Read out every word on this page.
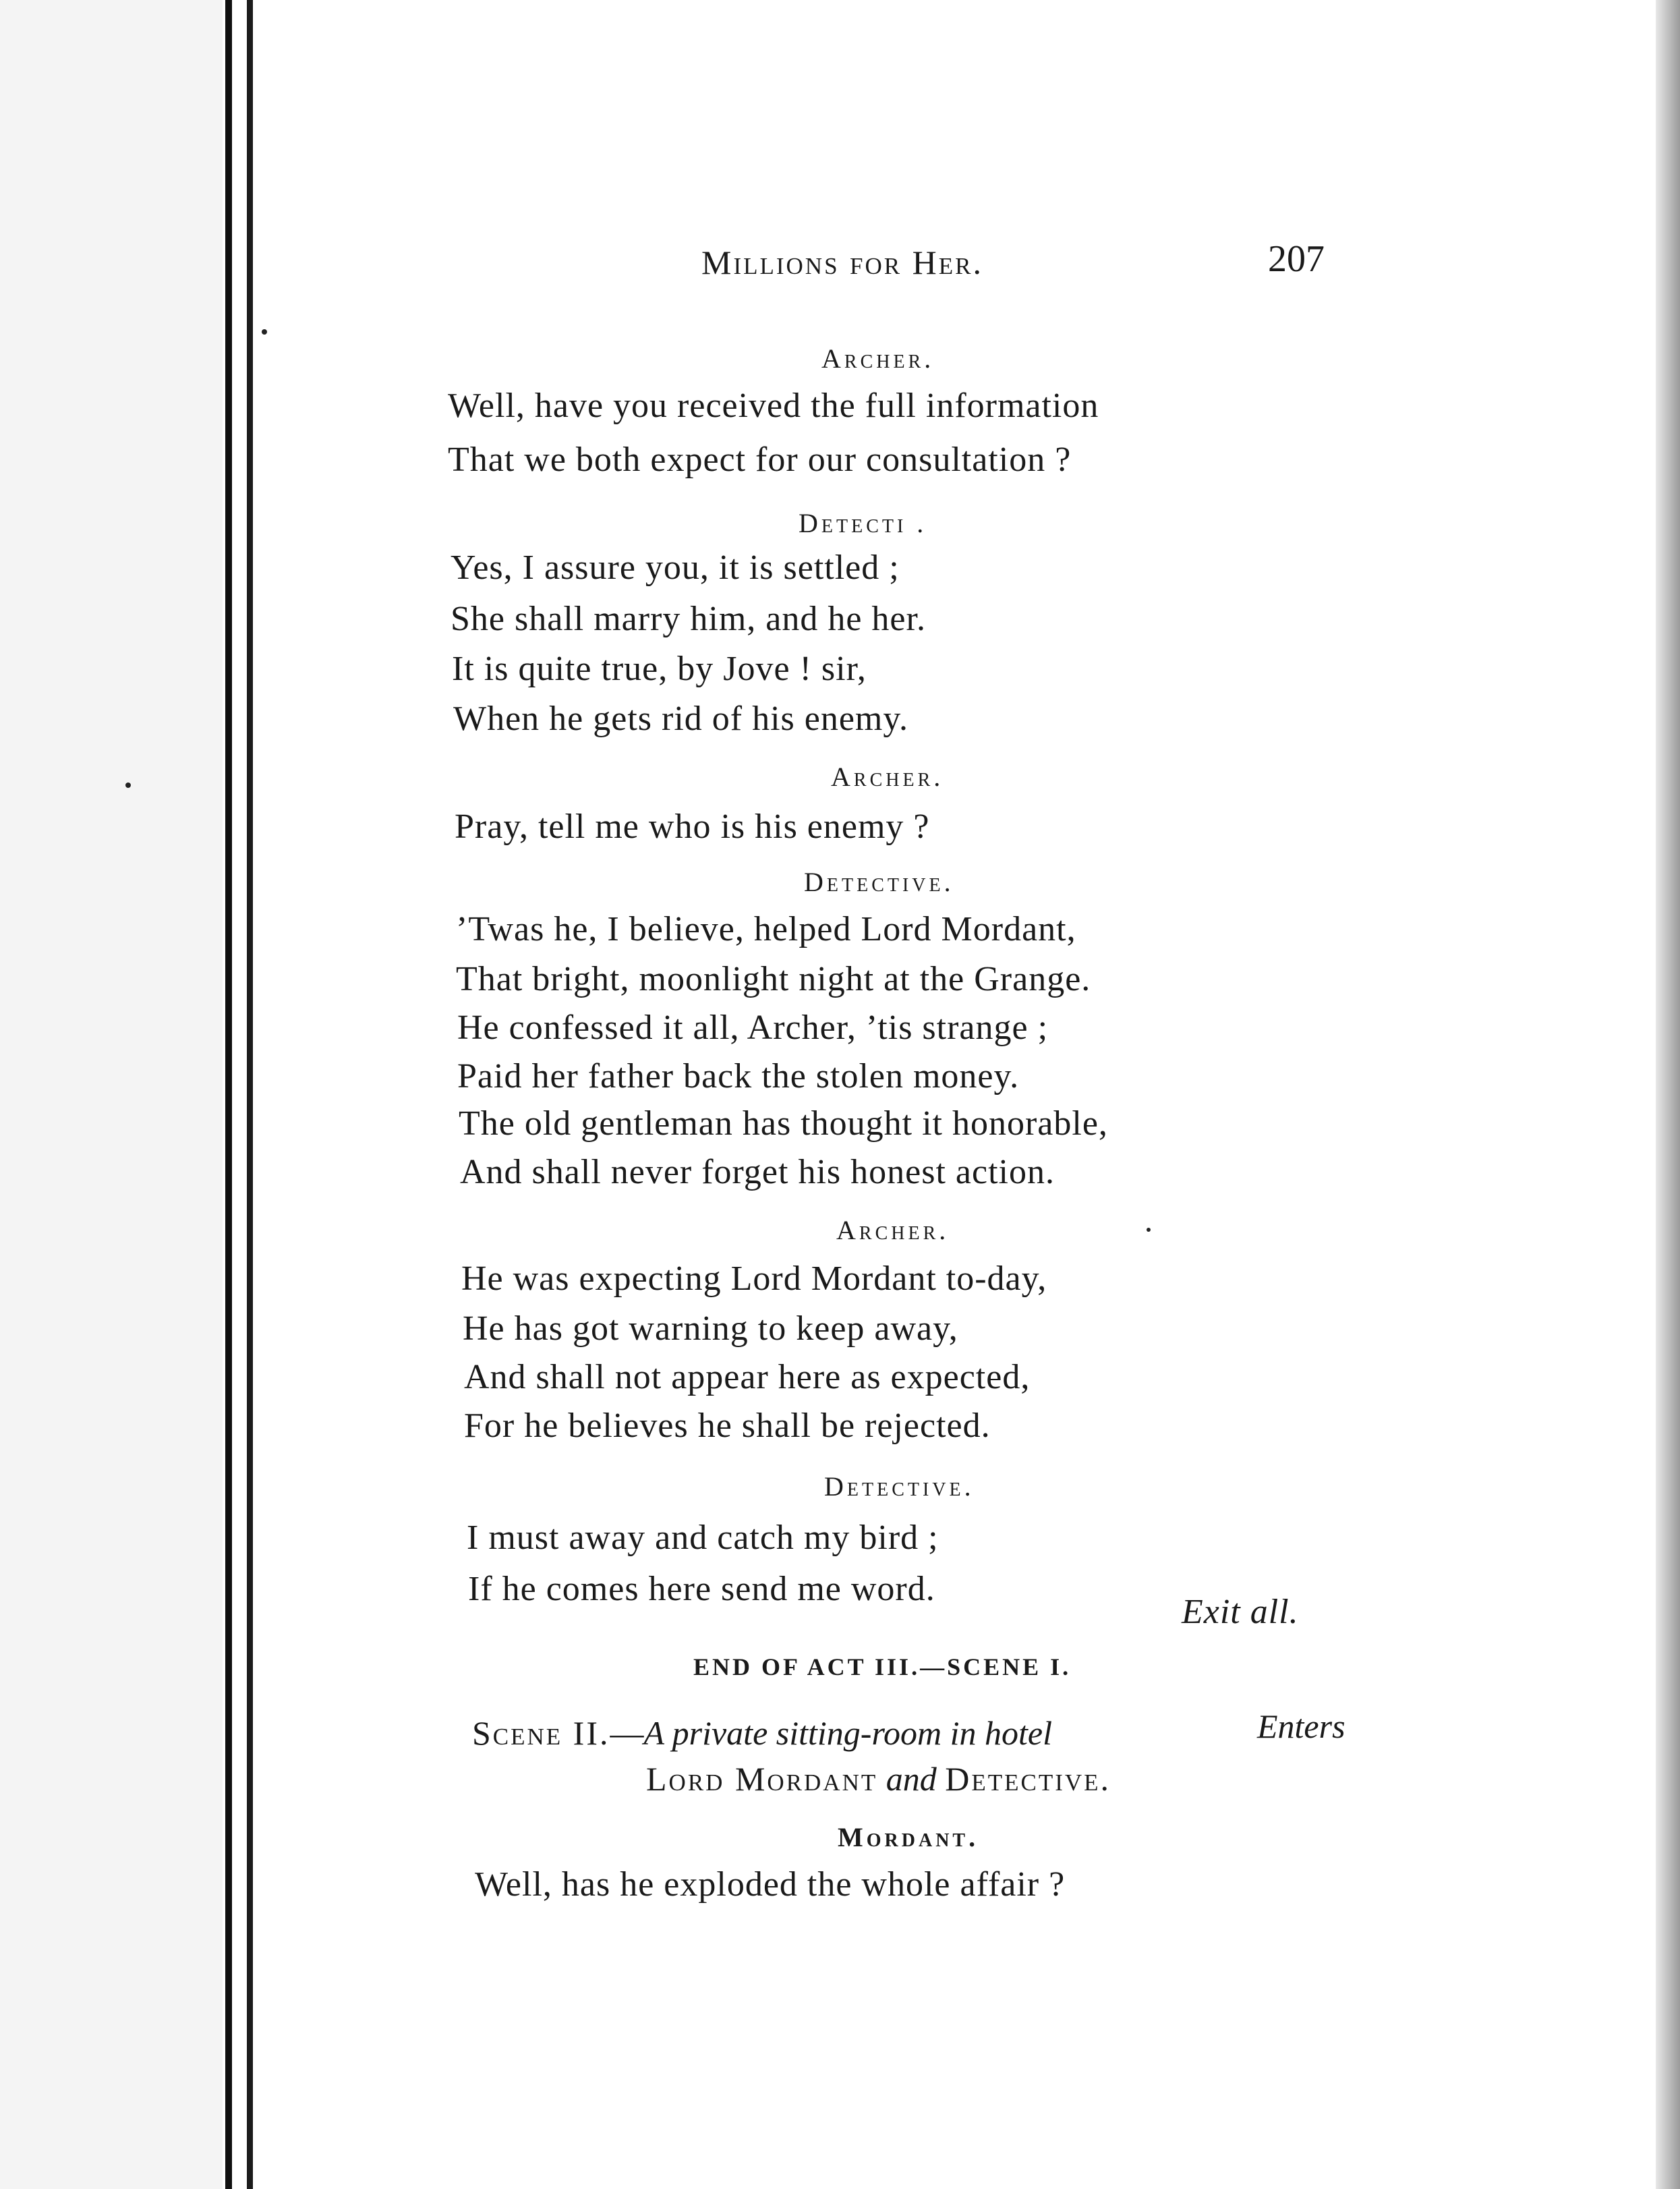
Millions for Her.	207
Archer.
Well, have you received the full information
That we both expect for our consultation ?
Detecti .
Yes, I assure you, it is settled ;
She shall marry him, and he her.
It is quite true, by Jove ! sir,
When he gets rid of his enemy.
Archer.
Pray, tell me who is his enemy ?
Detective.
’Twas he, I believe, helped Lord Mordant,
That bright, moonlight night at the Grange.
He confessed it all, Archer, ’tis strange ;
Paid her father back the stolen money.
The old gentleman has thought it honorable,
And shall never forget his honest action.
Archer.
He was expecting Lord Mordant to-day,
He has got warning to keep away,
And shall not appear here as expected,
For he believes he shall be rejected.
Detective.
I must away and catch my bird ;
If he comes here send me word.
Exit all.
END OF ACT III.—SCENE I.
Scene II.—A private sitting-room in hotel	Enters
Lord Mordant and Detective.
Mordant.
Well, has he exploded the whole affair ?
